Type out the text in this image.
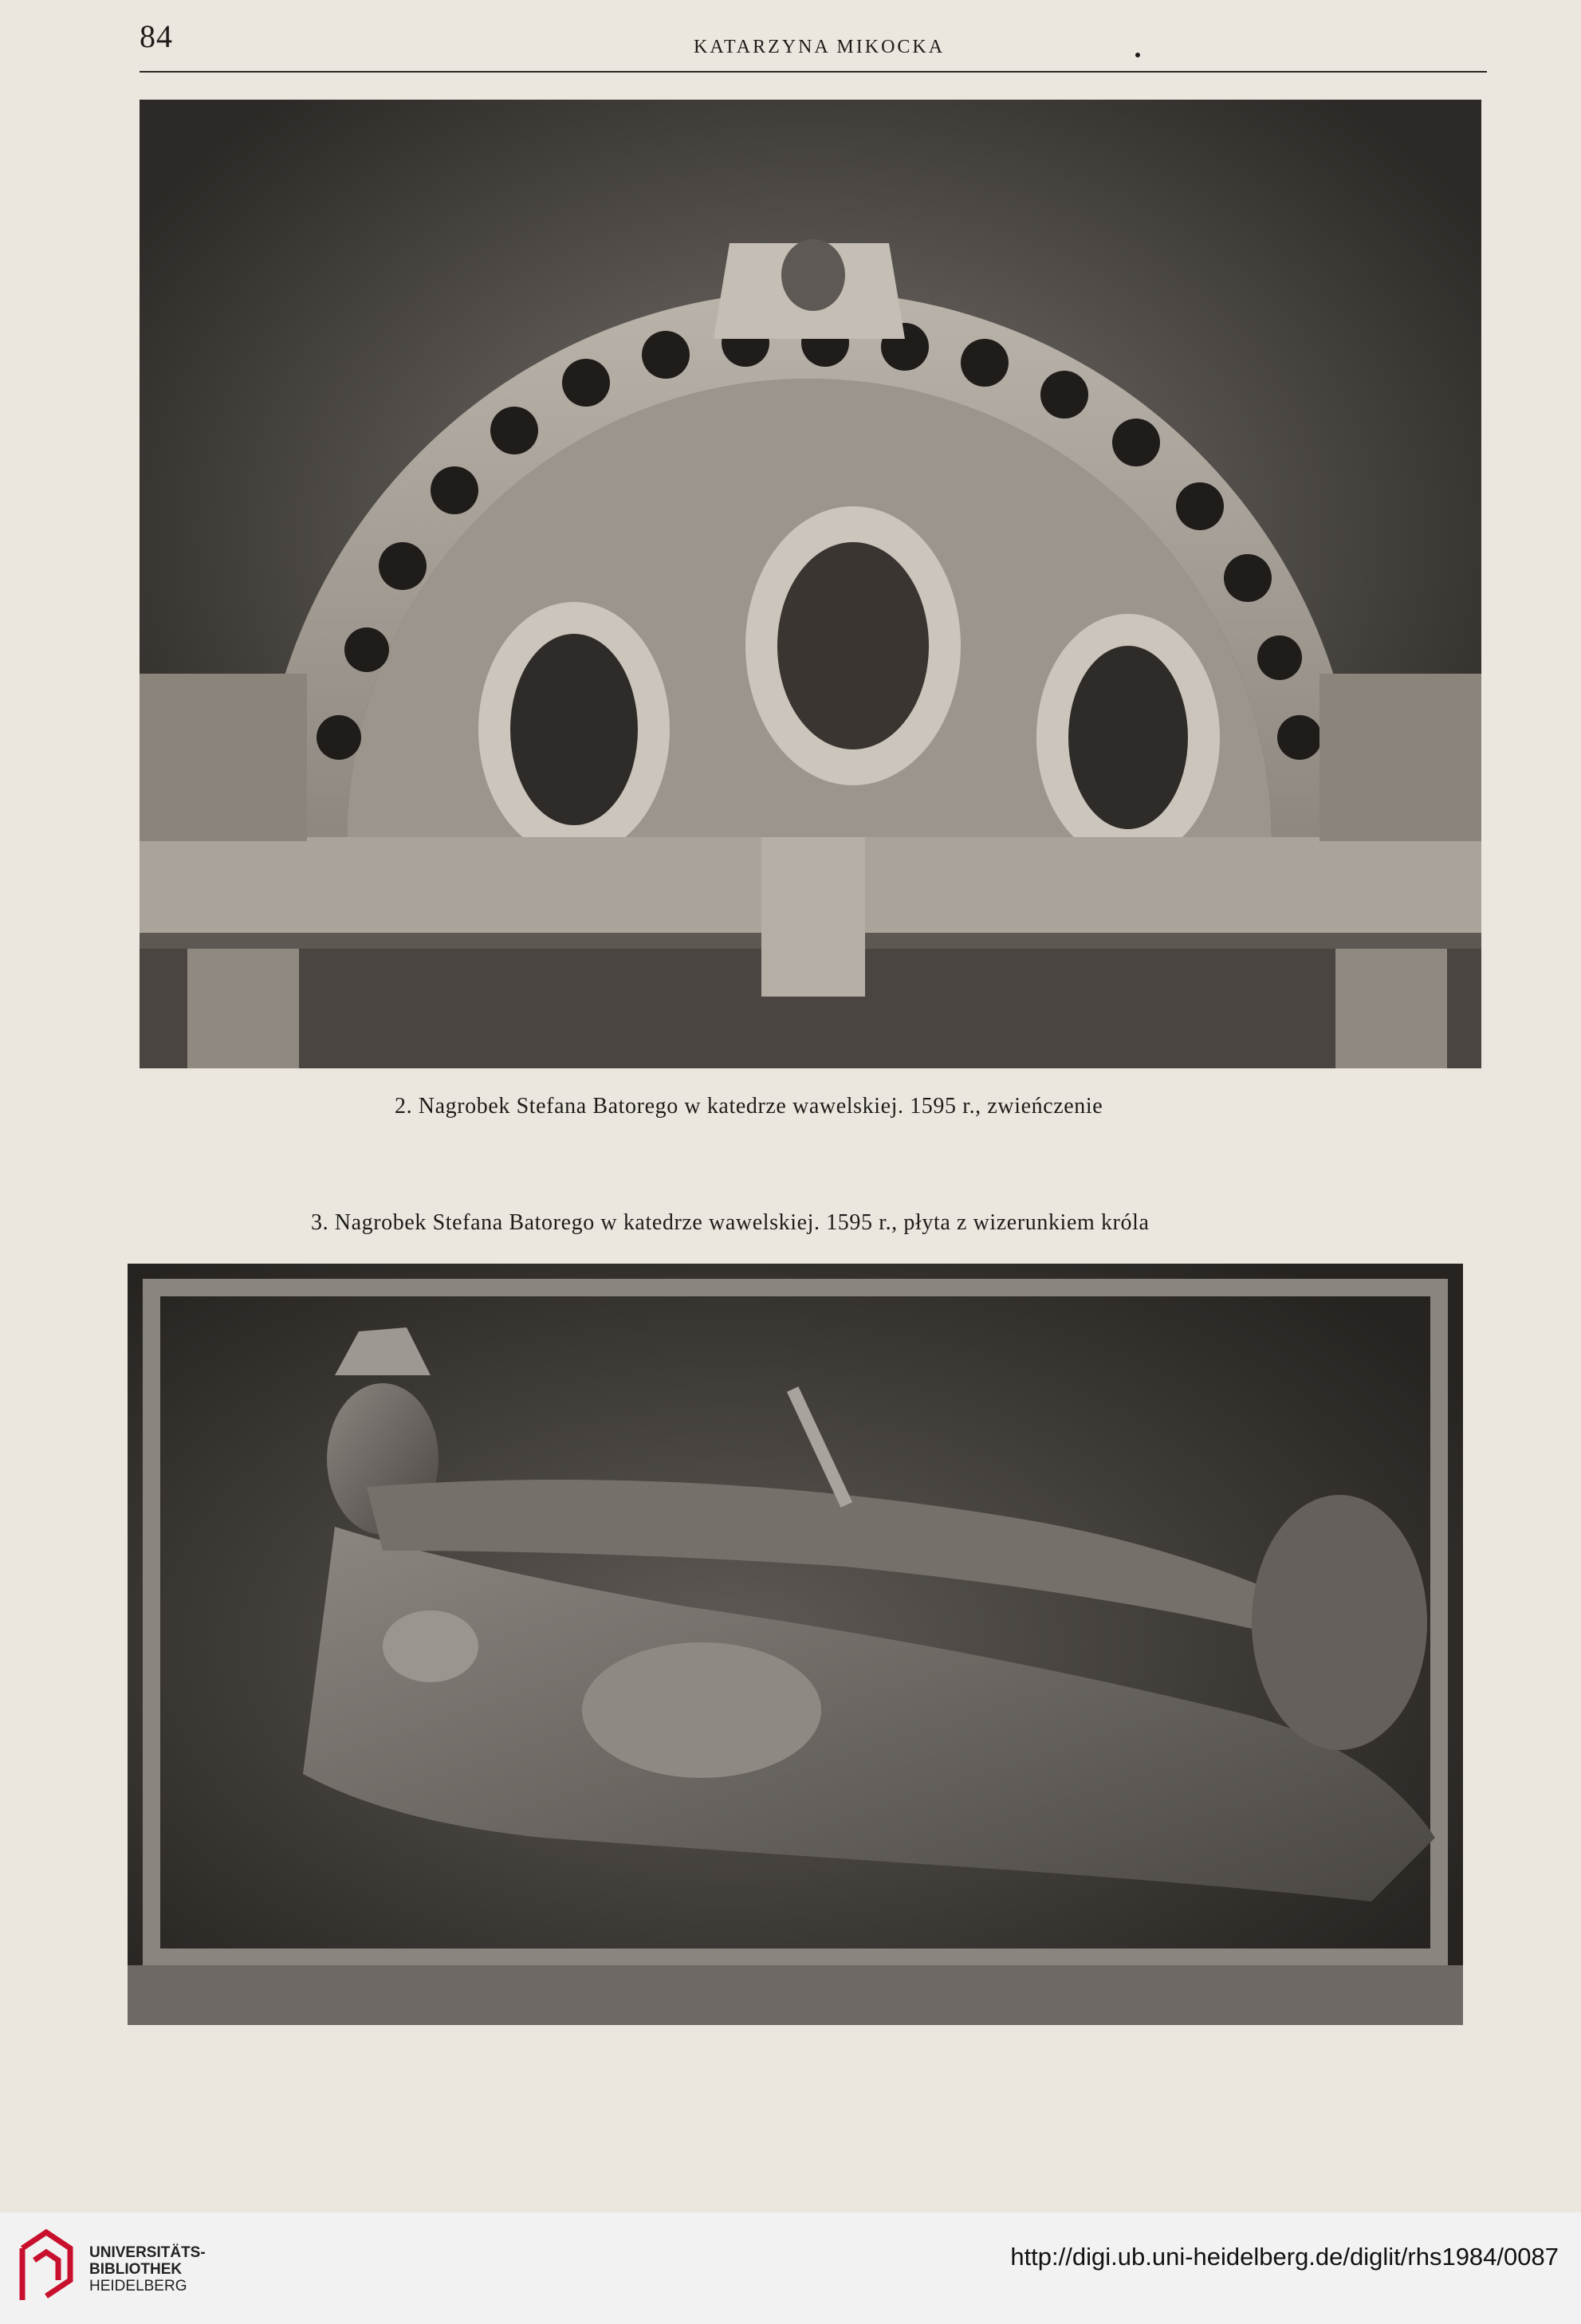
84	KATARZYNA MIKOCKA
2. Nagrobek Stefana Batorego w katedrze wawelskiej. 1595 r., zwieńczenie
3. Nagrobek Stefana Batorego w katedrze wawelskiej. 1595 r., płyta z wizerunkiem króla
UNIVERSITÄTS-
BIBLIOTHEK
HEIDELBERG
http://digi.ub.uni-heidelberg.de/diglit/rhs1984/0087
